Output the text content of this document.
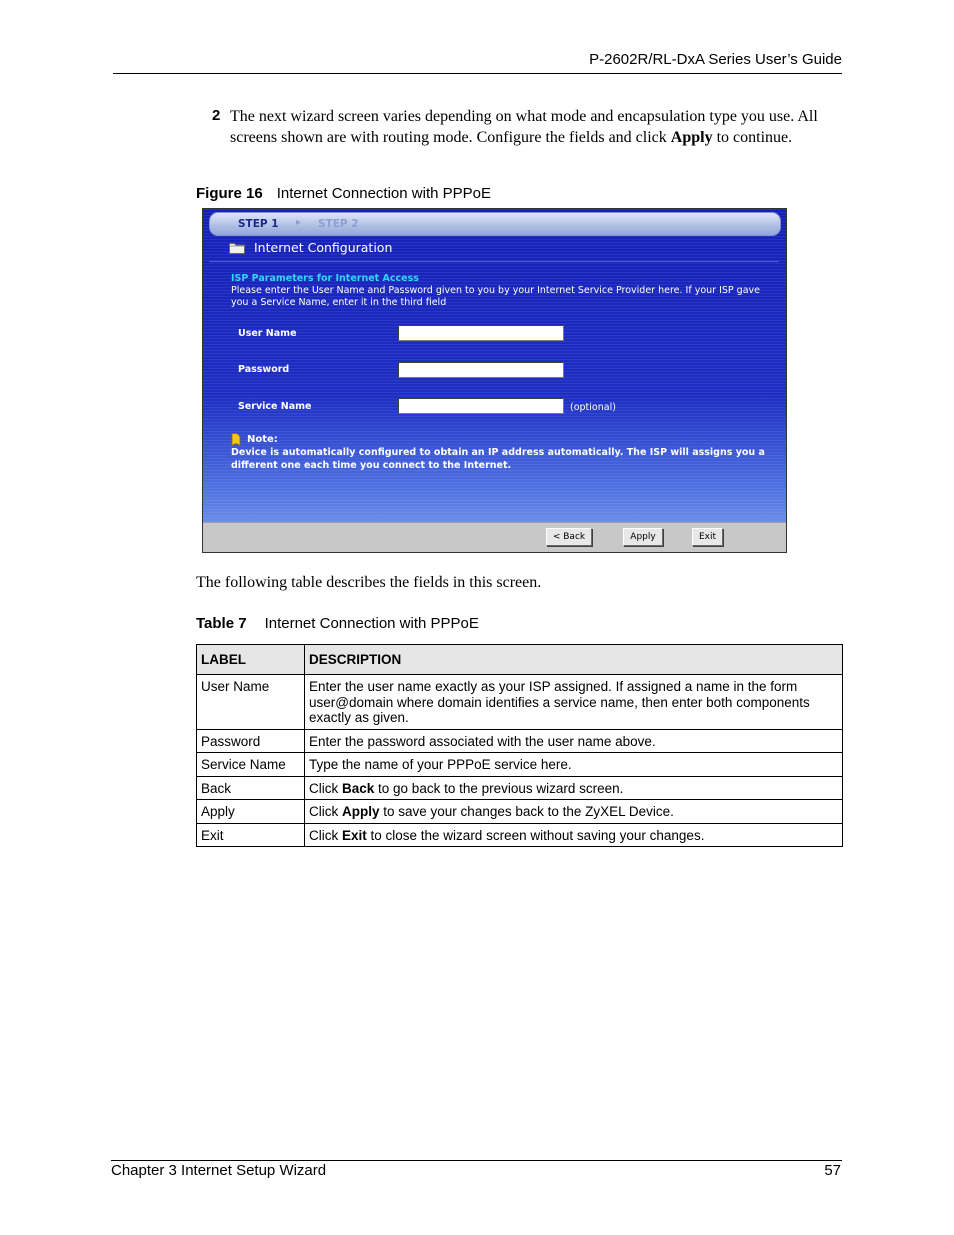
P-2602R/RL-DxA Series User’s Guide
2 The next wizard screen varies depending on what mode and encapsulation type you use. All screens shown are with routing mode. Configure the fields and click Apply to continue.
Figure 16 Internet Connection with PPPoE
STEP 1 ▸ STEP 2
Internet Configuration
ISP Parameters for Internet Access
Please enter the User Name and Password given to you by your Internet Service Provider here. If your ISP gave you a Service Name, enter it in the third field
User Name
Password
Service Name	(optional)
Note:
Device is automatically configured to obtain an IP address automatically. The ISP will assigns you a different one each time you connect to the Internet.
< Back	Apply	Exit
The following table describes the fields in this screen.
Table 7 Internet Connection with PPPoE
LABEL	DESCRIPTION
User Name	Enter the user name exactly as your ISP assigned. If assigned a name in the form user@domain where domain identifies a service name, then enter both components exactly as given.
Password	Enter the password associated with the user name above.
Service Name	Type the name of your PPPoE service here.
Back	Click Back to go back to the previous wizard screen.
Apply	Click Apply to save your changes back to the ZyXEL Device.
Exit	Click Exit to close the wizard screen without saving your changes.
Chapter 3 Internet Setup Wizard	57
